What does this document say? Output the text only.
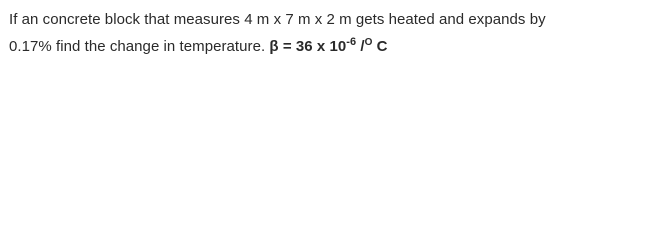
If an concrete block that measures 4 m x 7 m x 2 m gets heated and expands by
0.17% find the change in temperature. β = 36 x $10^{-6}$ /$^O$ C
